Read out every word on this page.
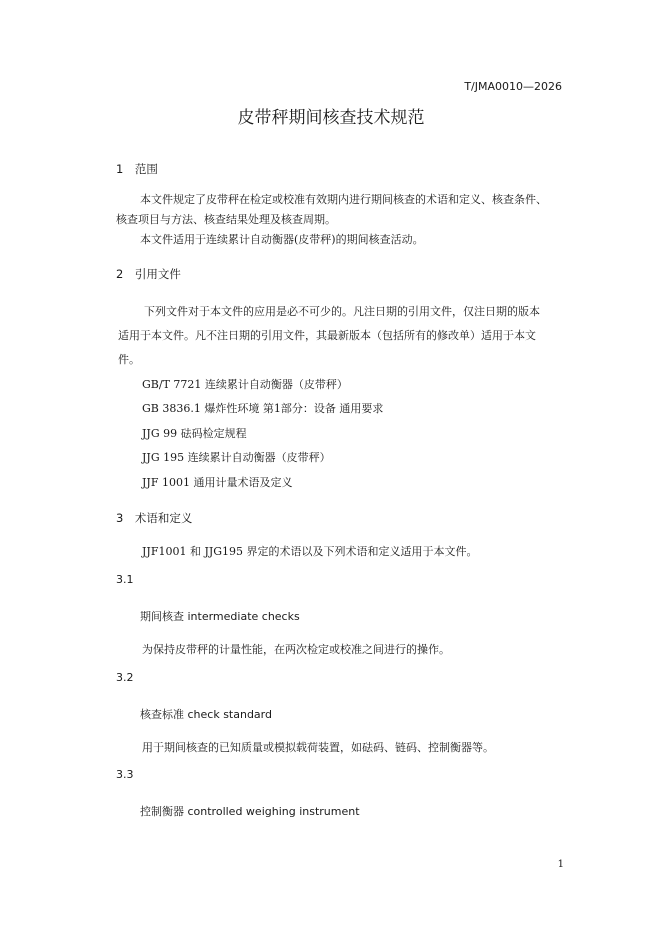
T/JMA0010—2026
皮带秤期间核查技术规范
1　范围
本文件规定了皮带秤在检定或校准有效期内进行期间核查的术语和定义、核查条件、
核查项目与方法、核查结果处理及核查周期。
本文件适用于连续累计自动衡器(皮带秤)的期间核查活动。
2　引用文件
下列文件对于本文件的应用是必不可少的。凡注日期的引用文件，仅注日期的版本
适用于本文件。凡不注日期的引用文件，其最新版本（包括所有的修改单）适用于本文
件。
GB/T 7721 连续累计自动衡器（皮带秤）
GB 3836.1 爆炸性环境 第1部分：设备 通用要求
JJG 99 砝码检定规程
JJG 195 连续累计自动衡器（皮带秤）
JJF 1001 通用计量术语及定义
3　术语和定义
JJF1001 和 JJG195 界定的术语以及下列术语和定义适用于本文件。
3.1
期间核查 intermediate checks
为保持皮带秤的计量性能，在两次检定或校准之间进行的操作。
3.2
核查标准 check standard
用于期间核查的已知质量或模拟载荷装置，如砝码、链码、控制衡器等。
3.3
控制衡器 controlled weighing instrument
1
